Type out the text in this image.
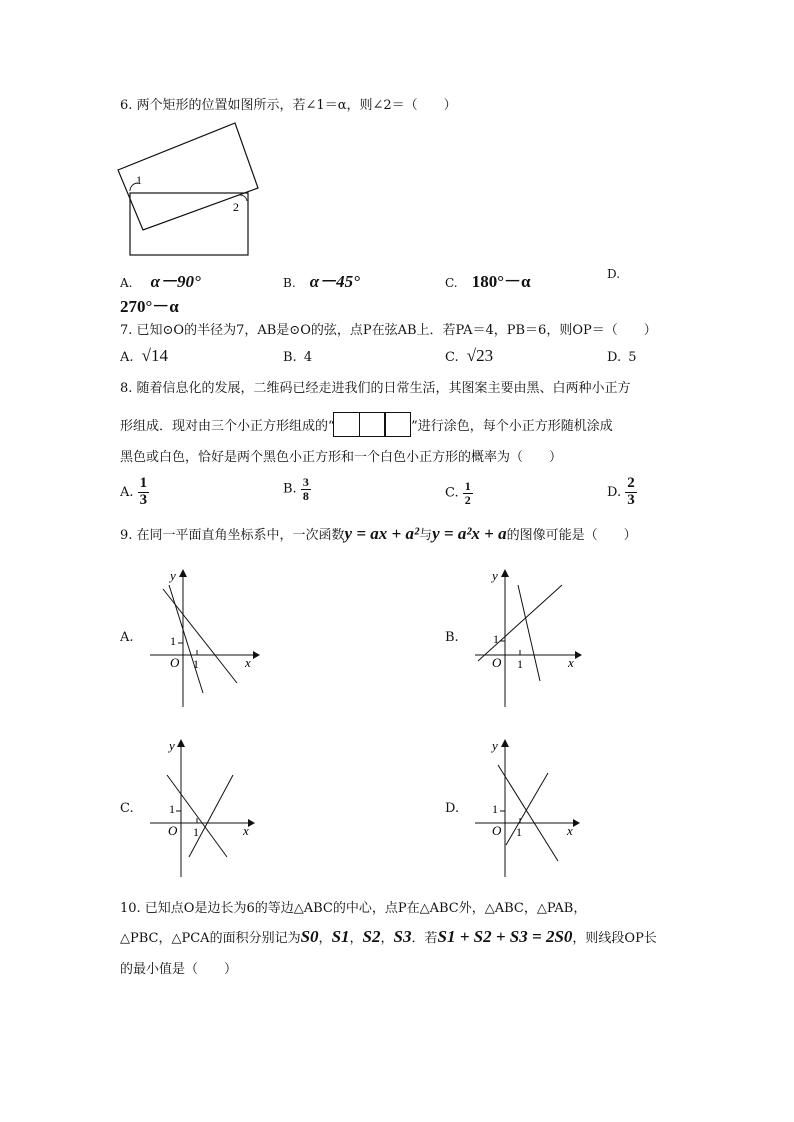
6. 两个矩形的位置如图所示，若∠1＝α，则∠2＝（　　）
1
2
A. α－90°	B. α－45°	C. 180°－α	D.
270°－α
7. 已知⊙O的半径为7，AB是⊙O的弦，点P在弦AB上．若PA＝4，PB＝6，则OP＝（　　）
A. √14	B. 4	C. √23	D. 5
8. 随着信息化的发展，二维码已经走进我们的日常生活，其图案主要由黑、白两种小正方
形组成．现对由三个小正方形组成的“	”进行涂色，每个小正方形随机涂成
黑色或白色，恰好是两个黑色小正方形和一个白色小正方形的概率为（　　）
A. $\frac{1}{3}$	B. $\frac{3}{8}$	C. $\frac{1}{2}$	D. $\frac{2}{3}$
9. 在同一平面直角坐标系中，一次函数y = ax + a²与y = a²x + a的图像可能是（　　）
A.
y
x
O
1
1
B.
y
x
O
1
1
C.
y
x
O
1
1
D.
y
x
O
1
1
10. 已知点O是边长为6的等边△ABC的中心，点P在△ABC外，△ABC，△PAB，
△PBC，△PCA的面积分别记为S0，S1，S2，S3．若S1 + S2 + S3 = 2S0，则线段OP长
的最小值是（　　）
